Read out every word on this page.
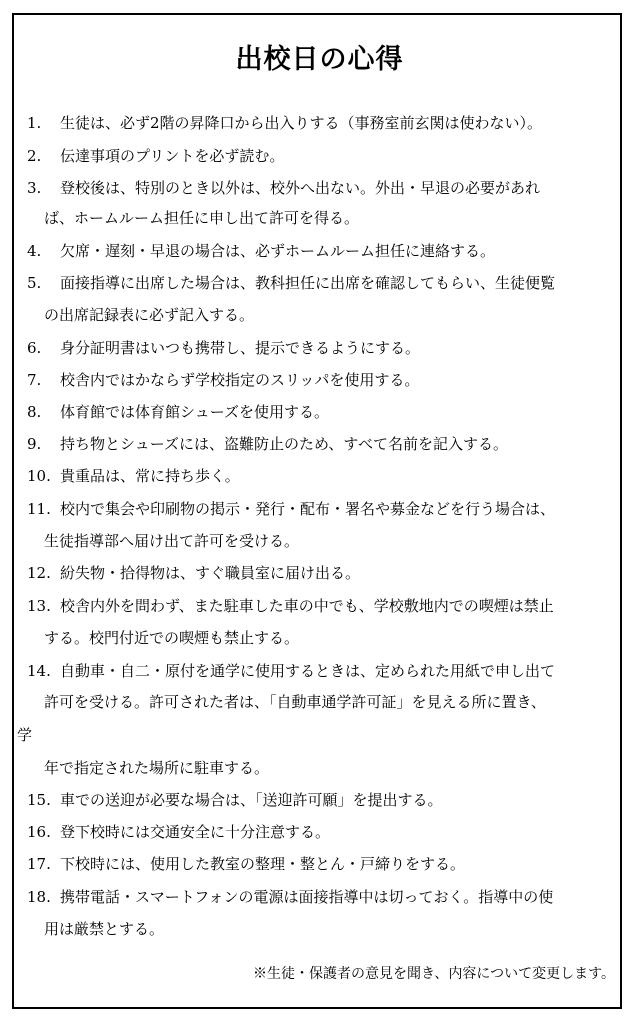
出校日の心得
1. 生徒は、必ず2階の昇降口から出入りする（事務室前玄関は使わない）。
2. 伝達事項のプリントを必ず読む。
3. 登校後は、特別のとき以外は、校外へ出ない。外出・早退の必要があれ
ば、ホームルーム担任に申し出て許可を得る。
4. 欠席・遅刻・早退の場合は、必ずホームルーム担任に連絡する。
5. 面接指導に出席した場合は、教科担任に出席を確認してもらい、生徒便覧
の出席記録表に必ず記入する。
6. 身分証明書はいつも携帯し、提示できるようにする。
7. 校舎内ではかならず学校指定のスリッパを使用する。
8. 体育館では体育館シューズを使用する。
9. 持ち物とシューズには、盗難防止のため、すべて名前を記入する。
10. 貴重品は、常に持ち歩く。
11. 校内で集会や印刷物の掲示・発行・配布・署名や募金などを行う場合は、
生徒指導部へ届け出て許可を受ける。
12. 紛失物・拾得物は、すぐ職員室に届け出る。
13. 校舎内外を問わず、また駐車した車の中でも、学校敷地内での喫煙は禁止
する。校門付近での喫煙も禁止する。
14. 自動車・自二・原付を通学に使用するときは、定められた用紙で申し出て
許可を受ける。許可された者は、「自動車通学許可証」を見える所に置き、
学
年で指定された場所に駐車する。
15. 車での送迎が必要な場合は、「送迎許可願」を提出する。
16. 登下校時には交通安全に十分注意する。
17. 下校時には、使用した教室の整理・整とん・戸締りをする。
18. 携帯電話・スマートフォンの電源は面接指導中は切っておく。指導中の使
用は厳禁とする。
※生徒・保護者の意見を聞き、内容について変更します。
